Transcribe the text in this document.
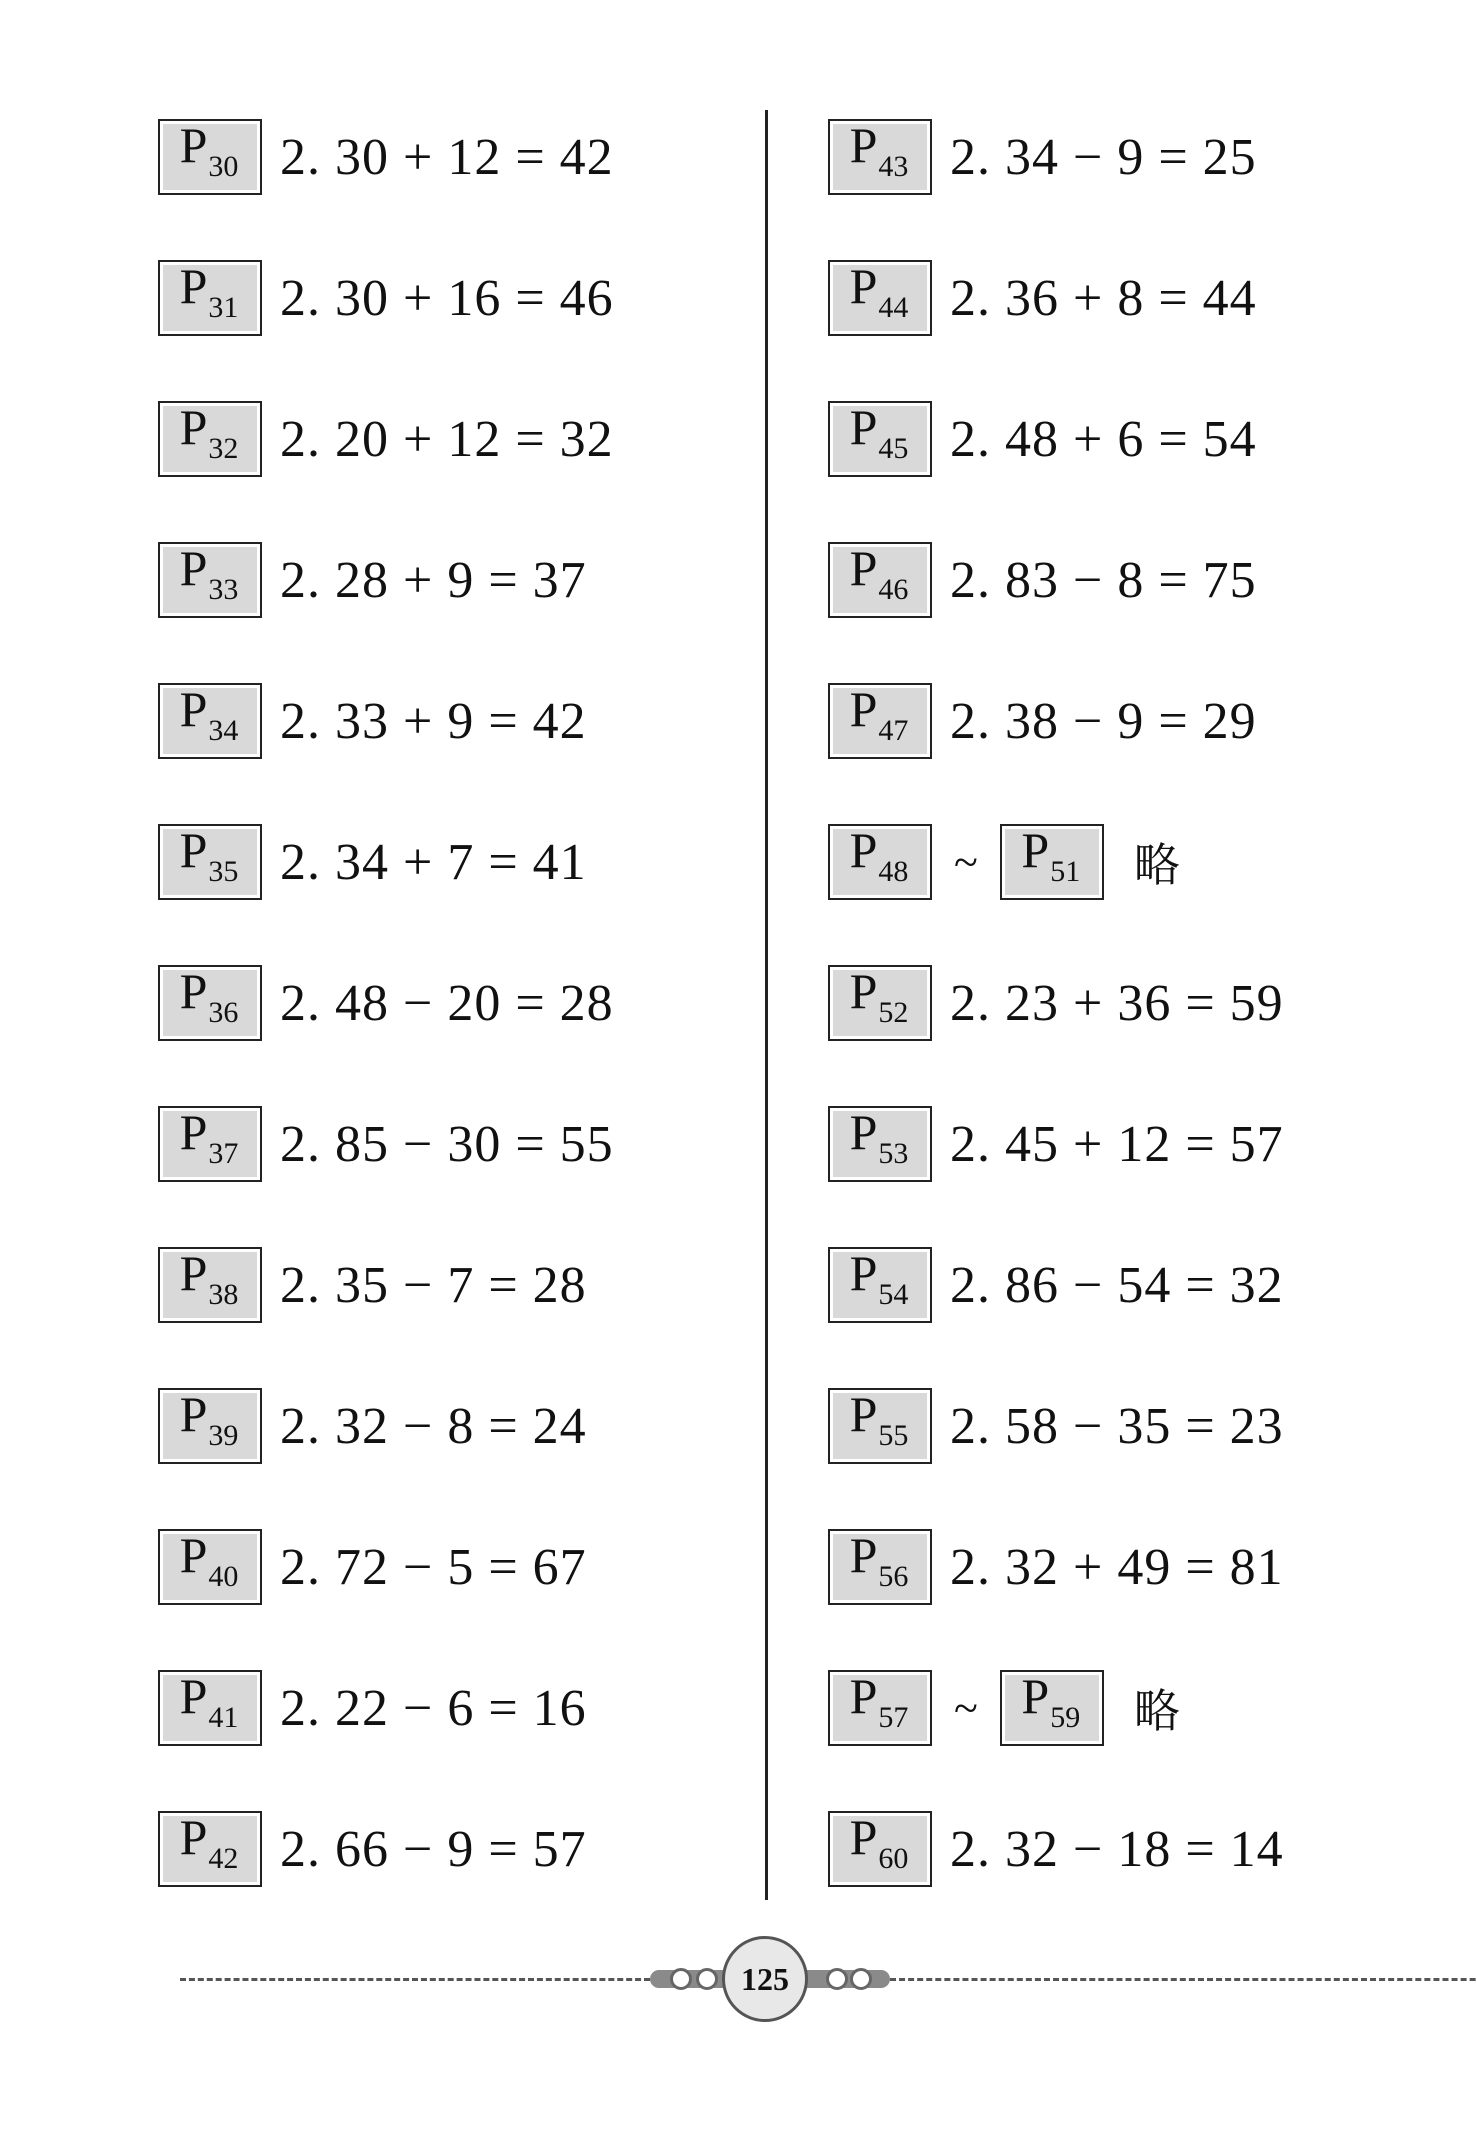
$P_{30}$ 2. 30 + 12 = 42
$P_{31}$ 2. 30 + 16 = 46
$P_{32}$ 2. 20 + 12 = 32
$P_{33}$ 2. 28 + 9 = 37
$P_{34}$ 2. 33 + 9 = 42
$P_{35}$ 2. 34 + 7 = 41
$P_{36}$ 2. 48 − 20 = 28
$P_{37}$ 2. 85 − 30 = 55
$P_{38}$ 2. 35 − 7 = 28
$P_{39}$ 2. 32 − 8 = 24
$P_{40}$ 2. 72 − 5 = 67
$P_{41}$ 2. 22 − 6 = 16
$P_{42}$ 2. 66 − 9 = 57
$P_{43}$ 2. 34 − 9 = 25
$P_{44}$ 2. 36 + 8 = 44
$P_{45}$ 2. 48 + 6 = 54
$P_{46}$ 2. 83 − 8 = 75
$P_{47}$ 2. 38 − 9 = 29
$P_{48}$ ~ $P_{51}$ 略
$P_{52}$ 2. 23 + 36 = 59
$P_{53}$ 2. 45 + 12 = 57
$P_{54}$ 2. 86 − 54 = 32
$P_{55}$ 2. 58 − 35 = 23
$P_{56}$ 2. 32 + 49 = 81
$P_{57}$ ~ $P_{59}$ 略
$P_{60}$ 2. 32 − 18 = 14
125
